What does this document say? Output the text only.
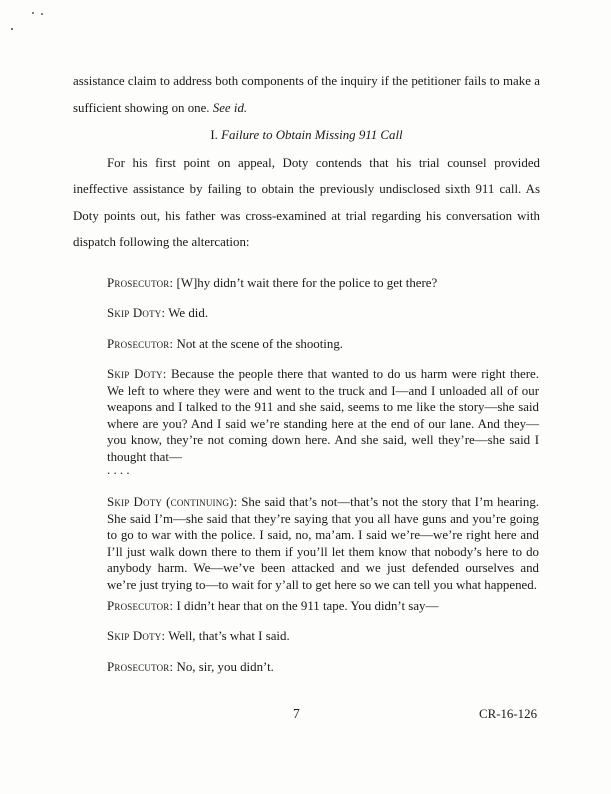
assistance claim to address both components of the inquiry if the petitioner fails to make a sufficient showing on one. See id.

I. Failure to Obtain Missing 911 Call

For his first point on appeal, Doty contends that his trial counsel provided ineffective assistance by failing to obtain the previously undisclosed sixth 911 call. As Doty points out, his father was cross-examined at trial regarding his conversation with dispatch following the altercation:

Prosecutor: [W]hy didn’t wait there for the police to get there?

Skip Doty: We did.

Prosecutor: Not at the scene of the shooting.

Skip Doty: Because the people there that wanted to do us harm were right there. We left to where they were and went to the truck and I—and I unloaded all of our weapons and I talked to the 911 and she said, seems to me like the story—she said where are you? And I said we’re standing here at the end of our lane. And they—you know, they’re not coming down here. And she said, well they’re—she said I thought that—

. . . .

Skip Doty (continuing): She said that’s not—that’s not the story that I’m hearing. She said I’m—she said that they’re saying that you all have guns and you’re going to go to war with the police. I said, no, ma’am. I said we’re—we’re right here and I’ll just walk down there to them if you’ll let them know that nobody’s here to do anybody harm. We—we’ve been attacked and we just defended ourselves and we’re just trying to—to wait for y’all to get here so we can tell you what happened.

Prosecutor: I didn’t hear that on the 911 tape. You didn’t say—

Skip Doty: Well, that’s what I said.

Prosecutor: No, sir, you didn’t.

7	CR-16-126
